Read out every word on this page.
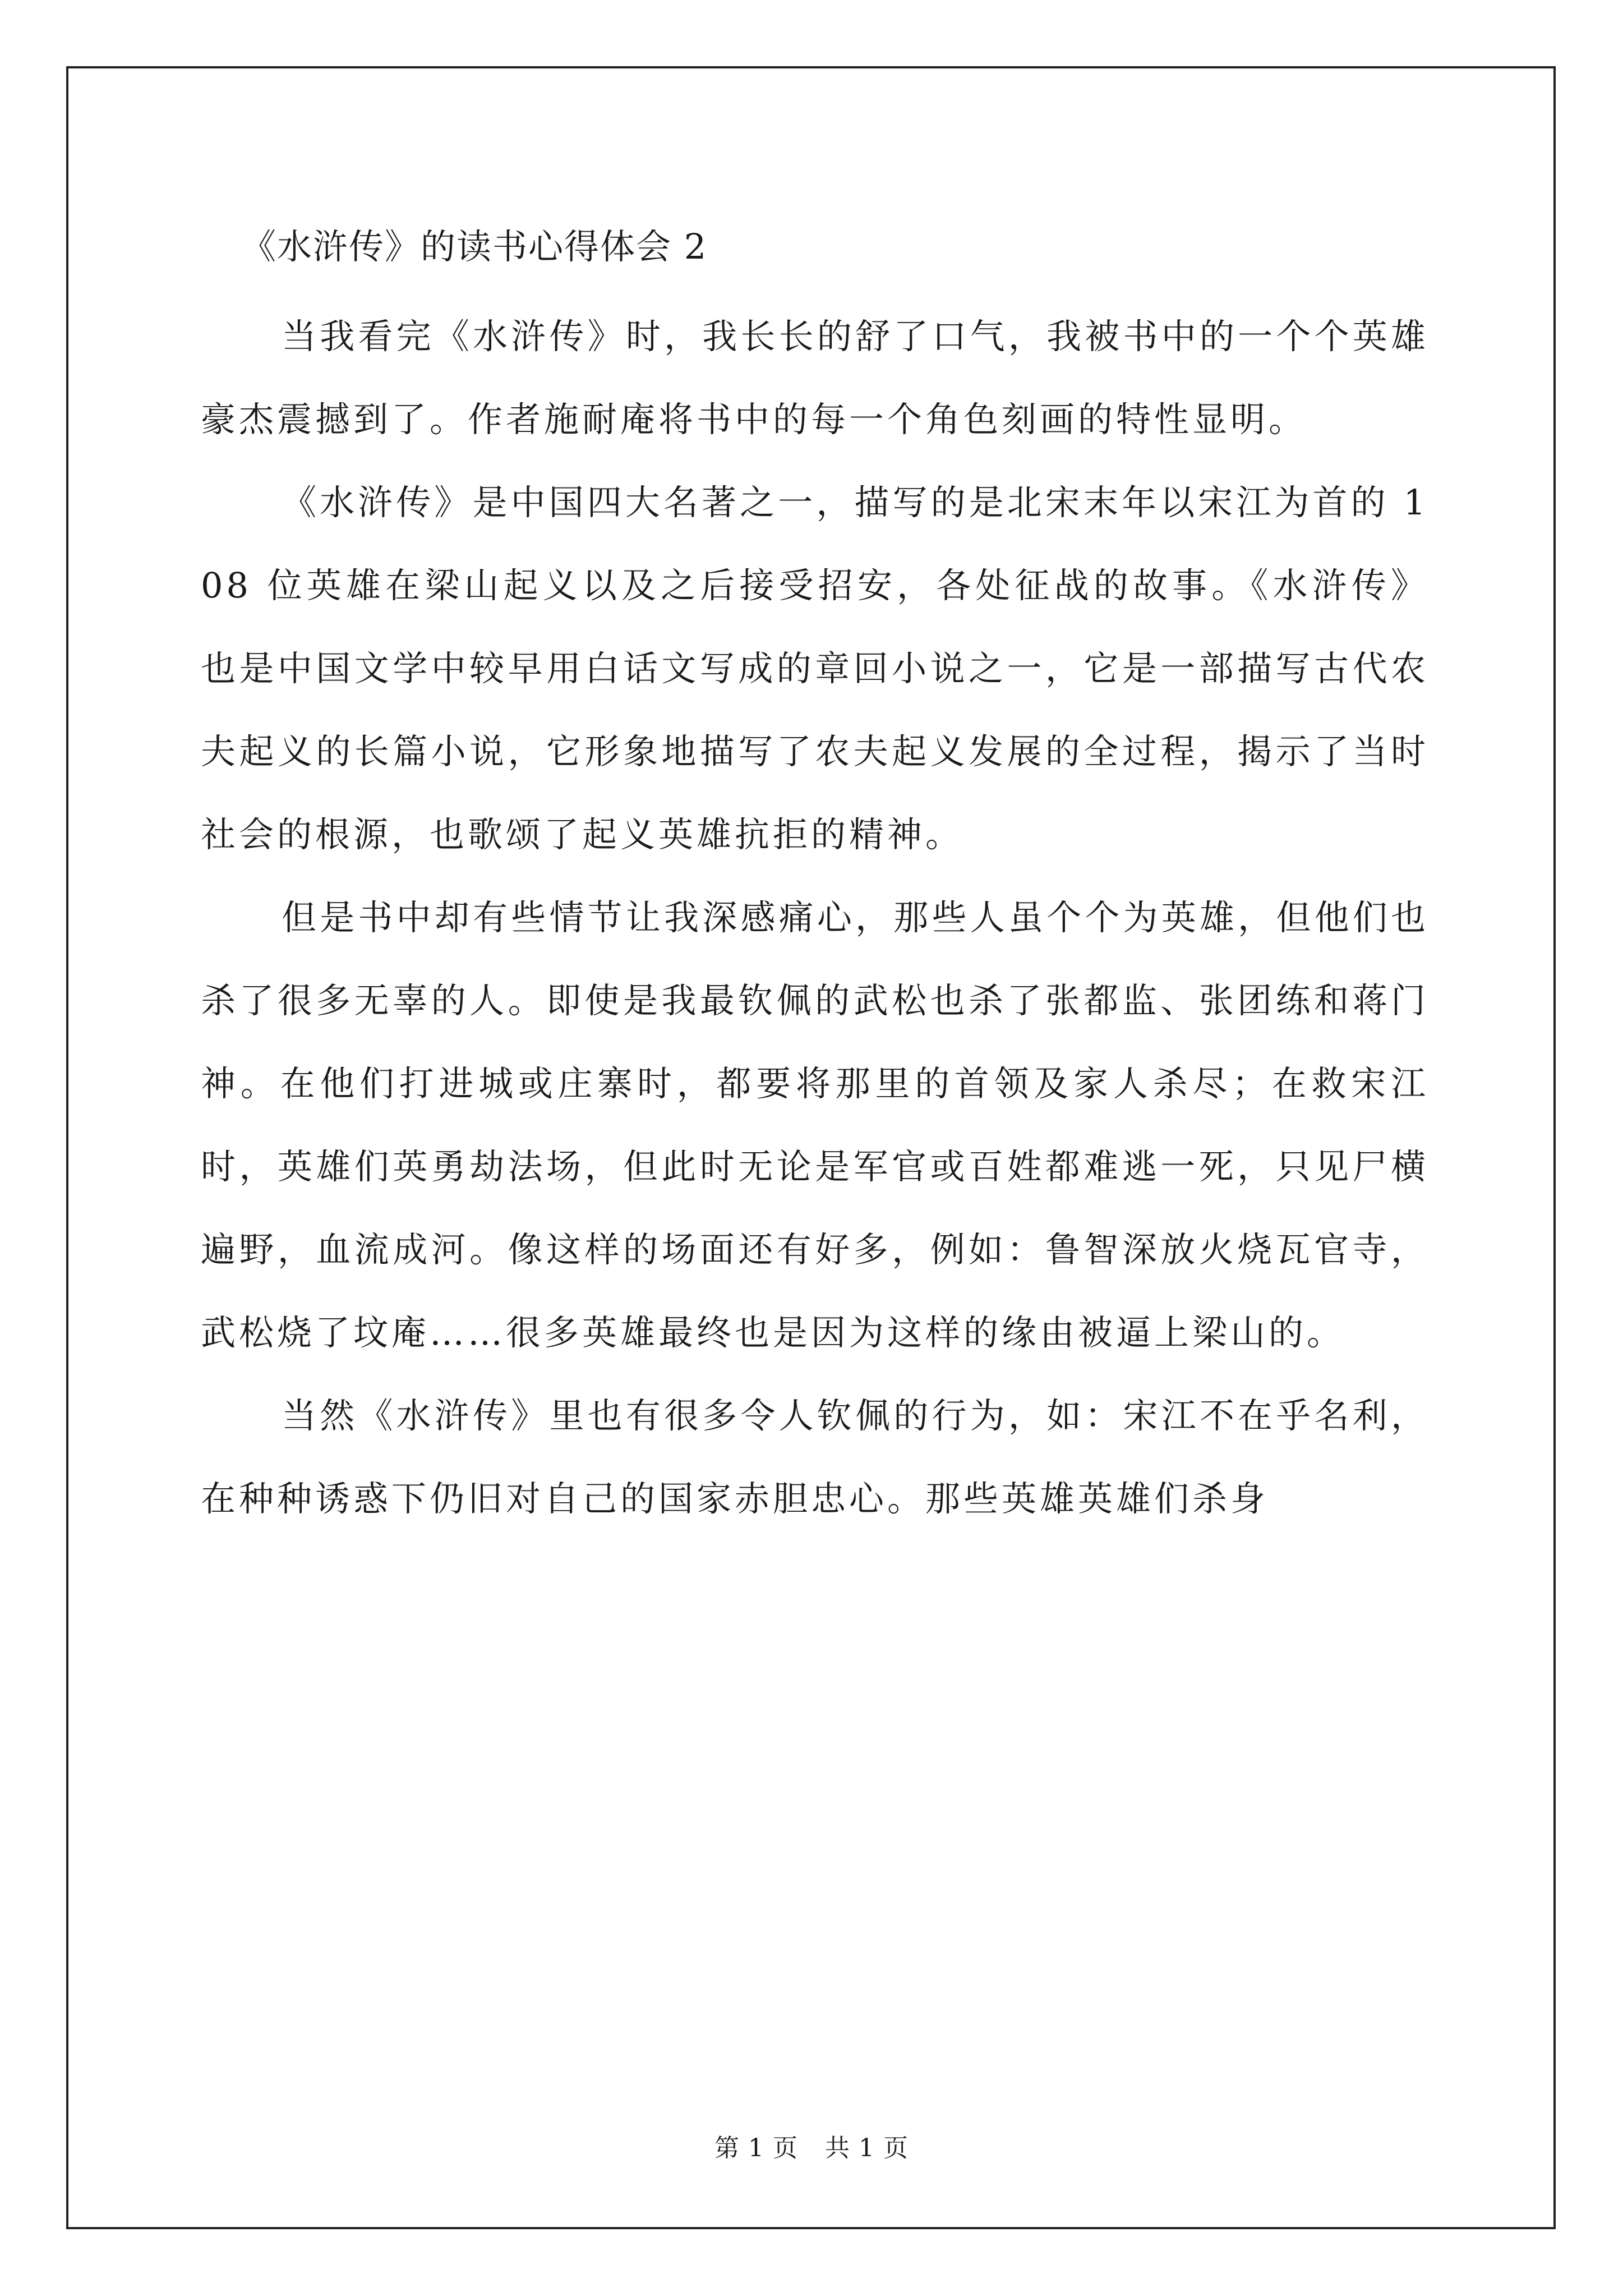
《水浒传》的读书心得体会 2

当我看完《水浒传》时，我长长的舒了口气，我被书中的一个个英雄豪杰震撼到了。作者施耐庵将书中的每一个角色刻画的特性显明。

《水浒传》是中国四大名著之一，描写的是北宋末年以宋江为首的 108 位英雄在梁山起义以及之后接受招安，各处征战的故事。《水浒传》也是中国文学中较早用白话文写成的章回小说之一，它是一部描写古代农夫起义的长篇小说，它形象地描写了农夫起义发展的全过程，揭示了当时社会的根源，也歌颂了起义英雄抗拒的精神。

但是书中却有些情节让我深感痛心，那些人虽个个为英雄，但他们也杀了很多无辜的人。即使是我最钦佩的武松也杀了张都监、张团练和蒋门神。在他们打进城或庄寨时，都要将那里的首领及家人杀尽；在救宋江时，英雄们英勇劫法场，但此时无论是军官或百姓都难逃一死，只见尸横遍野，血流成河。像这样的场面还有好多，例如：鲁智深放火烧瓦官寺，武松烧了坟庵……很多英雄最终也是因为这样的缘由被逼上梁山的。

当然《水浒传》里也有很多令人钦佩的行为，如：宋江不在乎名利，在种种诱惑下仍旧对自己的国家赤胆忠心。那些英雄英雄们杀身

第 1 页 共 1 页
